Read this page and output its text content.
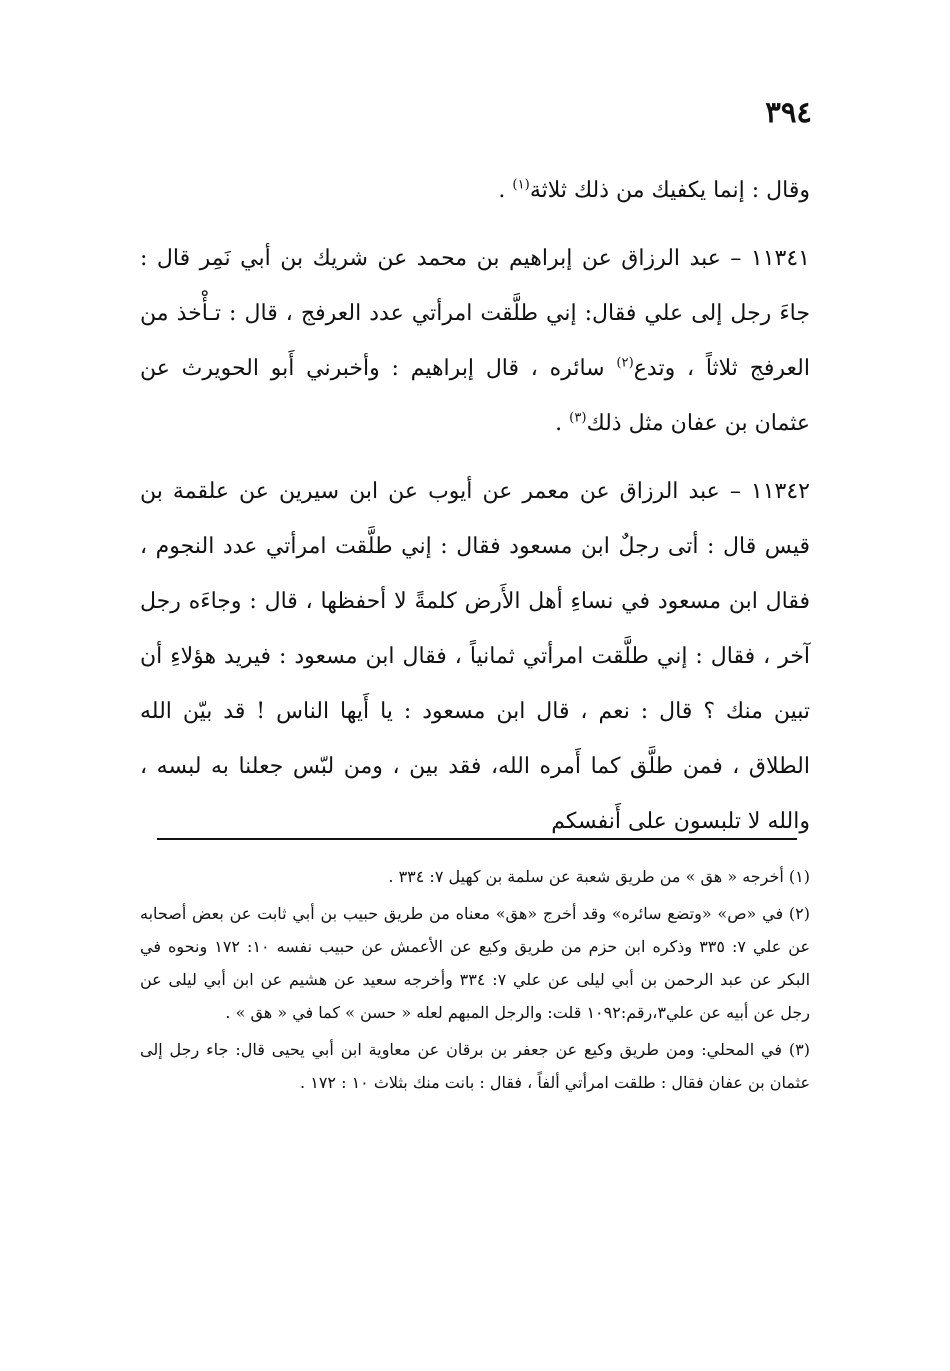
٣٩٤

وقال : إنما يكفيك من ذلك ثلاثة$^{(١)}$ .

١١٣٤١ – عبد الرزاق عن إبراهيم بن محمد عن شريك بن أبي نَمِر قال : جاءَ رجل إلى علي فقال: إني طلَّقت امرأتي عدد العرفج ، قال : تـأْخذ من العرفج ثلاثاً ، وتدع$^{(٢)}$ سائره ، قال إبراهيم : وأخبرني أَبو الحويرث عن عثمان بن عفان مثل ذلك$^{(٣)}$ .

١١٣٤٢ – عبد الرزاق عن معمر عن أيوب عن ابن سيرين عن علقمة بن قيس قال : أتى رجلٌ ابن مسعود فقال : إني طلَّقت امرأتي عدد النجوم ، فقال ابن مسعود في نساءِ أهل الأَرض كلمةً لا أحفظها ، قال : وجاءَه رجل آخر ، فقال : إني طلَّقت امرأتي ثمانياً ، فقال ابن مسعود : فيريد هؤلاءِ أن تبين منك ؟ قال : نعم ، قال ابن مسعود : يا أَيها الناس ! قد بيّن الله الطلاق ، فمن طلَّق كما أَمره الله، فقد بين ، ومن لبّس جعلنا به لبسه ، والله لا تلبسون على أَنفسكم

(١) أخرجه « هق » من طريق شعبة عن سلمة بن كهيل ٧: ٣٣٤ .

(٢) في «ص» «وتضع سائره» وقد أخرج «هق» معناه من طريق حبيب بن أبي ثابت عن بعض أصحابه عن علي ٧: ٣٣٥ وذكره ابن حزم من طريق وكيع عن الأعمش عن حبيب نفسه ١٠: ١٧٢ ونحوه في البكر عن عبد الرحمن بن أبي ليلى عن علي ٧: ٣٣٤ وأخرجه سعيد عن هشيم عن ابن أبي ليلى عن رجل عن أبيه عن علي٣،رقم:١٠٩٢ قلت: والرجل المبهم لعله « حسن » كما في « هق » .

(٣) في المحلي: ومن طريق وكيع عن جعفر بن برقان عن معاوية ابن أبي يحيى قال: جاء رجل إلى عثمان بن عفان فقال : طلقت امرأتي ألفاً ، فقال : بانت منك بثلاث ١٠ : ١٧٢ .
